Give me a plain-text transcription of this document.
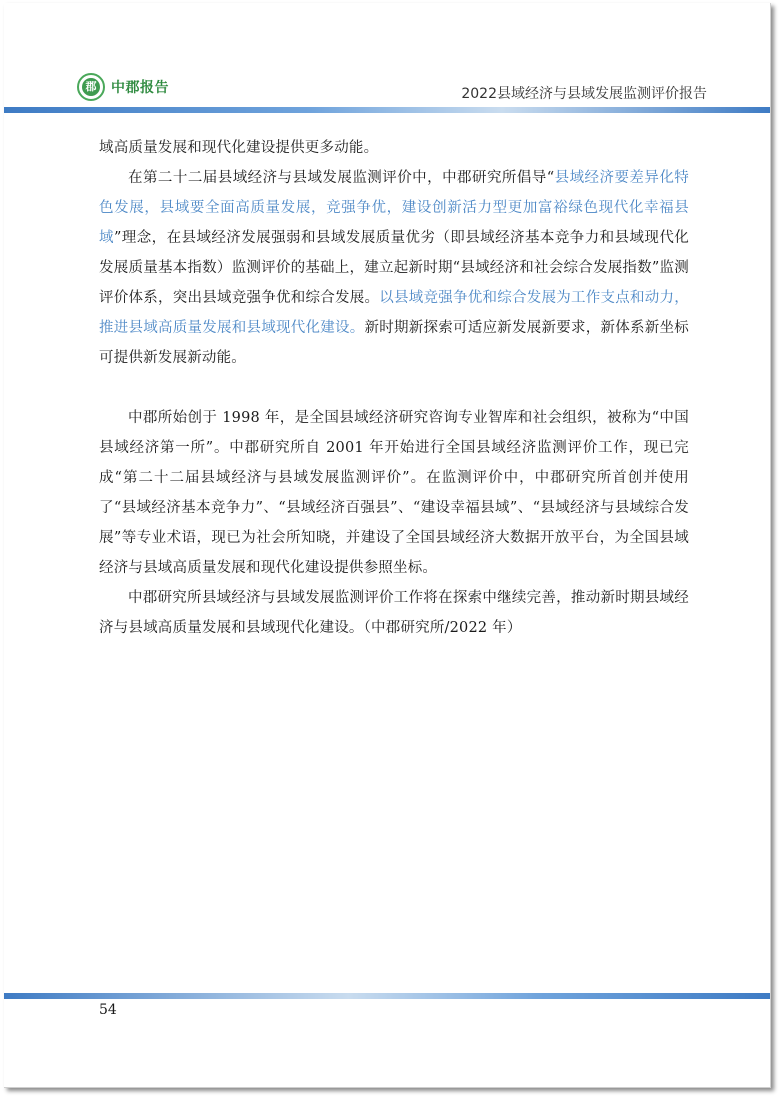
郡 中郡报告	2022县域经济与县域发展监测评价报告

域高质量发展和现代化建设提供更多动能。

在第二十二届县域经济与县域发展监测评价中，中郡研究所倡导“县域经济要差异化特色发展，县域要全面高质量发展，竞强争优，建设创新活力型更加富裕绿色现代化幸福县域”理念，在县域经济发展强弱和县域发展质量优劣（即县域经济基本竞争力和县域现代化发展质量基本指数）监测评价的基础上，建立起新时期“县域经济和社会综合发展指数”监测评价体系，突出县域竞强争优和综合发展。以县域竞强争优和综合发展为工作支点和动力，推进县域高质量发展和县域现代化建设。新时期新探索可适应新发展新要求，新体系新坐标可提供新发展新动能。

中郡所始创于 1998 年，是全国县域经济研究咨询专业智库和社会组织，被称为“中国县域经济第一所”。中郡研究所自 2001 年开始进行全国县域经济监测评价工作，现已完成“第二十二届县域经济与县域发展监测评价”。在监测评价中，中郡研究所首创并使用了“县域经济基本竞争力”、“县域经济百强县”、“建设幸福县域”、“县域经济与县域综合发展”等专业术语，现已为社会所知晓，并建设了全国县域经济大数据开放平台，为全国县域经济与县域高质量发展和现代化建设提供参照坐标。

中郡研究所县域经济与县域发展监测评价工作将在探索中继续完善，推动新时期县域经济与县域高质量发展和县域现代化建设。（中郡研究所/2022 年）

54
